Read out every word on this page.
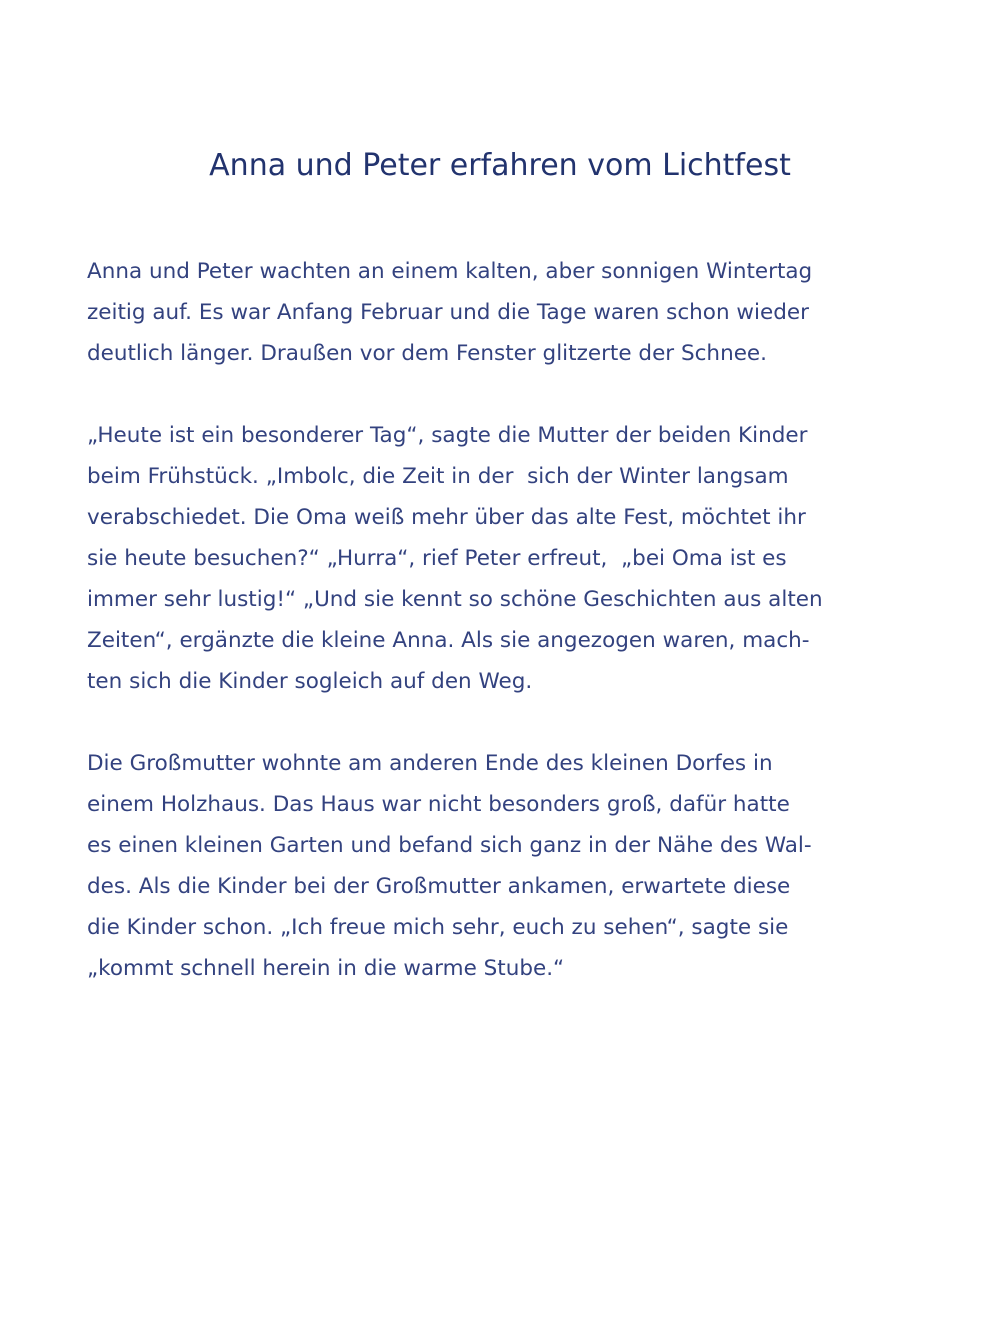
Anna und Peter erfahren vom Lichtfest

Anna und Peter wachten an einem kalten, aber sonnigen Wintertag
zeitig auf. Es war Anfang Februar und die Tage waren schon wieder
deutlich länger. Draußen vor dem Fenster glitzerte der Schnee.

„Heute ist ein besonderer Tag“, sagte die Mutter der beiden Kinder
beim Frühstück. „Imbolc, die Zeit in der  sich der Winter langsam
verabschiedet. Die Oma weiß mehr über das alte Fest, möchtet ihr
sie heute besuchen?“ „Hurra“, rief Peter erfreut,  „bei Oma ist es
immer sehr lustig!“ „Und sie kennt so schöne Geschichten aus alten
Zeiten“, ergänzte die kleine Anna. Als sie angezogen waren, mach-
ten sich die Kinder sogleich auf den Weg.

Die Großmutter wohnte am anderen Ende des kleinen Dorfes in
einem Holzhaus. Das Haus war nicht besonders groß, dafür hatte
es einen kleinen Garten und befand sich ganz in der Nähe des Wal-
des. Als die Kinder bei der Großmutter ankamen, erwartete diese
die Kinder schon. „Ich freue mich sehr, euch zu sehen“, sagte sie
„kommt schnell herein in die warme Stube.“
